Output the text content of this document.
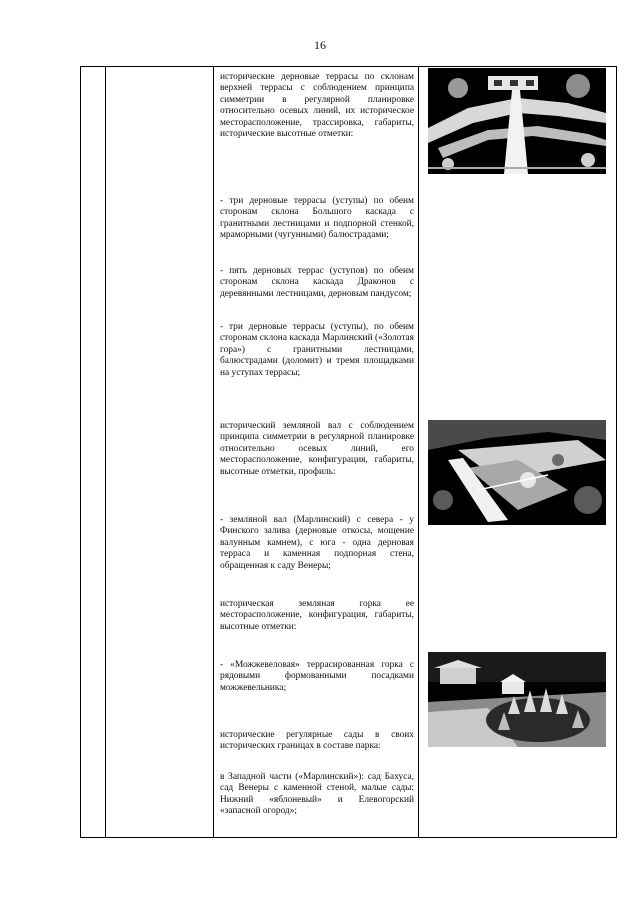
16
исторические дерновые террасы по склонам верхней террасы с соблюдением принципа симметрии в регулярной планировке относительно осевых линий, их историческое месторасположение, трассировка, габариты, исторические высотные отметки:
- три дерновые террасы (уступы) по обеим сторонам склона Большого каскада с гранитными лестницами и подпорной стенкой, мраморными (чугунными) балюстрадами;
- пять дерновых террас (уступов) по обеим сторонам склона каскада Драконов с деревянными лестницами, дерновым пандусом;
- три дерновые террасы (уступы), по обеим сторонам склона каскада Марлинский («Золотая гора») с гранитными лестницами, балюстрадами (доломит) и тремя площадками на уступах террасы;
исторический земляной вал с соблюдением принципа симметрии в регулярной планировке относительно осевых линий, его месторасположение, конфигурация, габариты, высотные отметки, профиль:
- земляной вал (Марлинский) с севера - у Финского залива (дерновые откосы, мощение валунным камнем), с юга - одна дерновая терраса и каменная подпорная стена, обращенная к саду Венеры;
историческая земляная горка ее месторасположение, конфигурация, габариты, высотные отметки:
- «Можжевеловая» террасированная горка с рядовыми формованными посадками можжевельника;
исторические регулярные сады в своих исторических границах в составе парка:
в Западной части («Марлинский»): сад Бахуса, сад Венеры с каменной стеной, малые сады: Нижний «яблоневый» и Елевогорский «запасной огород»;
